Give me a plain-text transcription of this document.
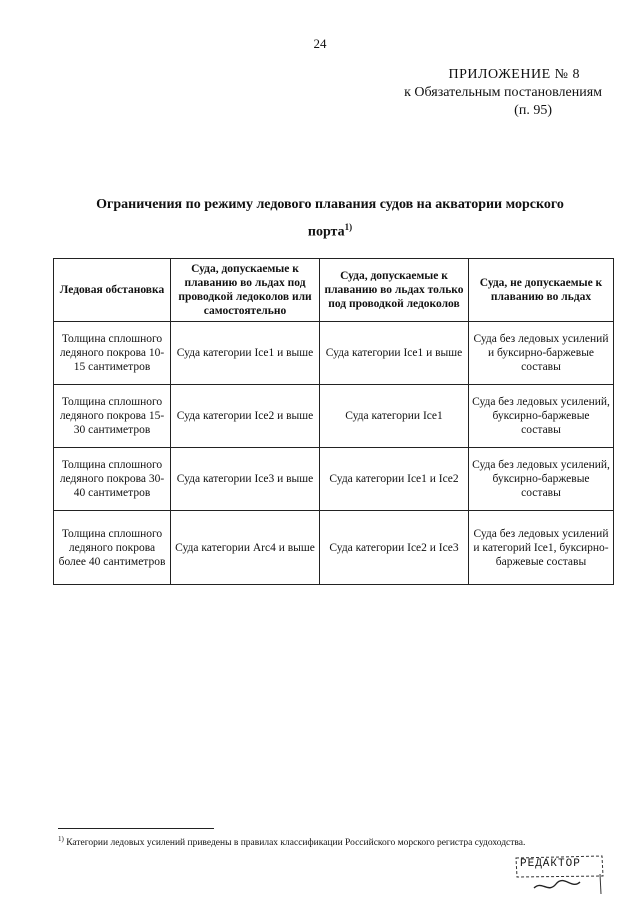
24
ПРИЛОЖЕНИЕ № 8
к Обязательным постановлениям
(п. 95)
Ограничения по режиму ледового плавания судов на акватории морского
порта$^{1)}$
Ледовая обстановка	Суда, допускаемые к плаванию во льдах под проводкой ледоколов или самостоятельно	Суда, допускаемые к плаванию во льдах только под проводкой ледоколов	Суда, не допускаемые к плаванию во льдах
Толщина сплошного ледяного покрова 10-15 сантиметров	Суда категории Ice1 и выше	Суда категории Ice1 и выше	Суда без ледовых усилений и буксирно-баржевые составы
Толщина сплошного ледяного покрова 15-30 сантиметров	Суда категории Ice2 и выше	Суда категории Ice1	Суда без ледовых усилений, буксирно-баржевые составы
Толщина сплошного ледяного покрова 30-40 сантиметров	Суда категории Ice3 и выше	Суда категории Ice1 и Ice2	Суда без ледовых усилений, буксирно-баржевые составы
Толщина сплошного ледяного покрова более 40 сантиметров	Суда категории Arc4 и выше	Суда категории Ice2 и Ice3	Суда без ледовых усилений и категорий Ice1, буксирно-баржевые составы
$^{1)}$ Категории ледовых усилений приведены в правилах классификации Российского морского регистра судоходства.
РЕДАКТОР
